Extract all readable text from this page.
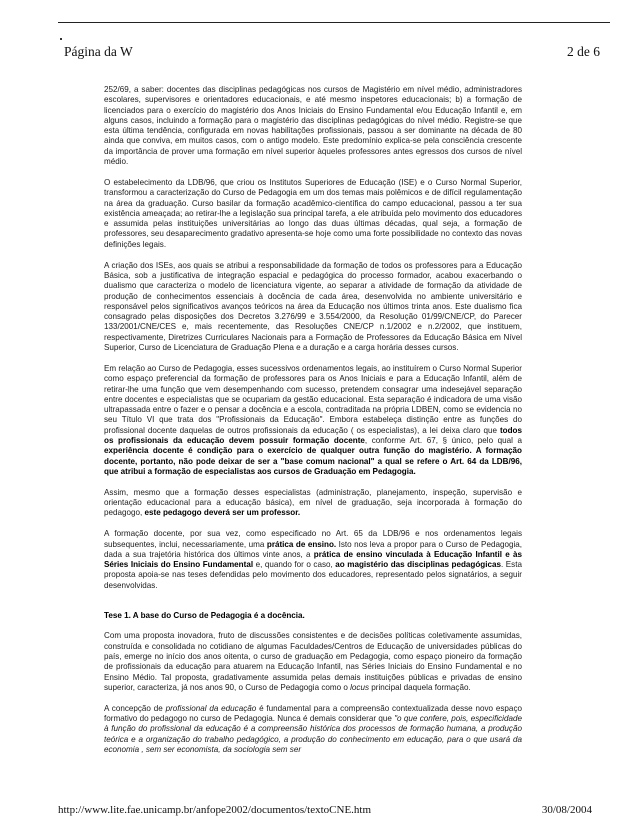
Página da W	2 de 6

252/69, a saber: docentes das disciplinas pedagógicas nos cursos de Magistério em nível médio, administradores escolares, supervisores e orientadores educacionais, e até mesmo inspetores educacionais; b) a formação de licenciados para o exercício do magistério dos Anos Iniciais do Ensino Fundamental e/ou Educação Infantil e, em alguns casos, incluindo a formação para o magistério das disciplinas pedagógicas do nível médio. Registre-se que esta última tendência, configurada em novas habilitações profissionais, passou a ser dominante na década de 80 ainda que conviva, em muitos casos, com o antigo modelo. Este predomínio explica-se pela consciência crescente da importância de prover uma formação em nível superior àqueles professores antes egressos dos cursos de nível médio.

O estabelecimento da LDB/96, que criou os Institutos Superiores de Educação (ISE) e o Curso Normal Superior, transformou a caracterização do Curso de Pedagogia em um dos temas mais polêmicos e de difícil regulamentação na área da graduação. Curso basilar da formação acadêmico-científica do campo educacional, passou a ter sua existência ameaçada; ao retirar-lhe a legislação sua principal tarefa, a ele atribuída pelo movimento dos educadores e assumida pelas instituições universitárias ao longo das duas últimas décadas, qual seja, a formação de professores, seu desaparecimento gradativo apresenta-se hoje como uma forte possibilidade no contexto das novas definições legais.

A criação dos ISEs, aos quais se atribui a responsabilidade da formação de todos os professores para a Educação Básica, sob a justificativa de integração espacial e pedagógica do processo formador, acabou exacerbando o dualismo que caracteriza o modelo de licenciatura vigente, ao separar a atividade de formação da atividade de produção de conhecimentos essenciais à docência de cada área, desenvolvida no ambiente universitário e responsável pelos significativos avanços teóricos na área da Educação nos últimos trinta anos. Este dualismo fica consagrado pelas disposições dos Decretos 3.276/99 e 3.554/2000, da Resolução 01/99/CNE/CP, do Parecer 133/2001/CNE/CES e, mais recentemente, das Resoluções CNE/CP n.1/2002 e n.2/2002, que instituem, respectivamente, Diretrizes Curriculares Nacionais para a Formação de Professores da Educação Básica em Nível Superior, Curso de Licenciatura de Graduação Plena e a duração e a carga horária desses cursos.

Em relação ao Curso de Pedagogia, esses sucessivos ordenamentos legais, ao instituírem o Curso Normal Superior como espaço preferencial da formação de professores para os Anos Iniciais e para a Educação Infantil, além de retirar-lhe uma função que vem desempenhando com sucesso, pretendem consagrar uma indesejável separação entre docentes e especialistas que se ocupariam da gestão educacional. Esta separação é indicadora de uma visão ultrapassada entre o fazer e o pensar a docência e a escola, contraditada na própria LDBEN, como se evidencia no seu Título VI que trata dos "Profissionais da Educação". Embora estabeleça distinção entre as funções do profissional docente daquelas de outros profissionais da educação ( os especialistas), a lei deixa claro que todos os profissionais da educação devem possuir formação docente, conforme Art. 67, § único, pelo qual a experiência docente é condição para o exercício de qualquer outra função do magistério. A formação docente, portanto, não pode deixar de ser a "base comum nacional" a qual se refere o Art. 64 da LDB/96, que atribui a formação de especialistas aos cursos de Graduação em Pedagogia.

Assim, mesmo que a formação desses especialistas (administração, planejamento, inspeção, supervisão e orientação educacional para a educação básica), em nível de graduação, seja incorporada à formação do pedagogo, este pedagogo deverá ser um professor.

A formação docente, por sua vez, como especificado no Art. 65 da LDB/96 e nos ordenamentos legais subsequentes, inclui, necessariamente, uma prática de ensino. Isto nos leva a propor para o Curso de Pedagogia, dada a sua trajetória histórica dos últimos vinte anos, a prática de ensino vinculada à Educação Infantil e às Séries Iniciais do Ensino Fundamental e, quando for o caso, ao magistério das disciplinas pedagógicas. Esta proposta apoia-se nas teses defendidas pelo movimento dos educadores, representado pelos signatários, a seguir desenvolvidas.

Tese 1. A base do Curso de Pedagogia é a docência.

Com uma proposta inovadora, fruto de discussões consistentes e de decisões políticas coletivamente assumidas, construída e consolidada no cotidiano de algumas Faculdades/Centros de Educação de universidades públicas do país, emerge no início dos anos oitenta, o curso de graduação em Pedagogia, como espaço pioneiro da formação de profissionais da educação para atuarem na Educação Infantil, nas Séries Iniciais do Ensino Fundamental e no Ensino Médio. Tal proposta, gradativamente assumida pelas demais instituições públicas e privadas de ensino superior, caracteriza, já nos anos 90, o Curso de Pedagogia como o locus principal daquela formação.

A concepção de profissional da educação é fundamental para a compreensão contextualizada desse novo espaço formativo do pedagogo no curso de Pedagogia. Nunca é demais considerar que "o que confere, pois, especificidade à função do profissional da educação é a compreensão histórica dos processos de formação humana, a produção teórica e a organização do trabalho pedagógico, a produção do conhecimento em educação, para o que usará da economia , sem ser economista, da sociologia sem ser

http://www.lite.fae.unicamp.br/anfope2002/documentos/textoCNE.htm	30/08/2004
